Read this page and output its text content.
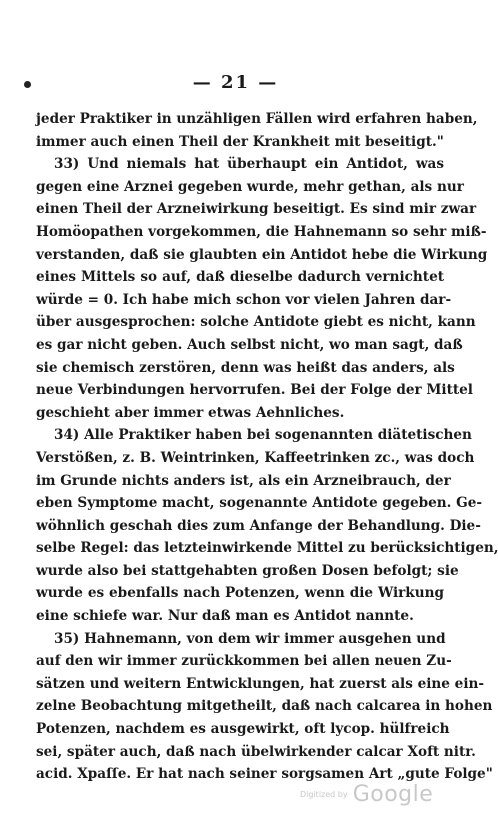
— 21 —
jeder Praktiker in unzähligen Fällen wird erfahren haben,
immer auch einen Theil der Krankheit mit beseitigt."
33) Und niemals hat überhaupt ein Antidot, was
gegen eine Arznei gegeben wurde, mehr gethan, als nur
einen Theil der Arzneiwirkung beseitigt. Es sind mir zwar
Homöopathen vorgekommen, die Hahnemann so sehr miß-
verstanden, daß sie glaubten ein Antidot hebe die Wirkung
eines Mittels so auf, daß dieselbe dadurch vernichtet
würde = 0. Ich habe mich schon vor vielen Jahren dar-
über ausgesprochen: solche Antidote giebt es nicht, kann
es gar nicht geben. Auch selbst nicht, wo man sagt, daß
sie chemisch zerstören, denn was heißt das anders, als
neue Verbindungen hervorrufen. Bei der Folge der Mittel
geschieht aber immer etwas Aehnliches.
34) Alle Praktiker haben bei sogenannten diätetischen
Verstößen, z. B. Weintrinken, Kaffeetrinken zc., was doch
im Grunde nichts anders ist, als ein Arzneibrauch, der
eben Symptome macht, sogenannte Antidote gegeben. Ge-
wöhnlich geschah dies zum Anfange der Behandlung. Die-
selbe Regel: das letzteinwirkende Mittel zu berücksichtigen,
wurde also bei stattgehabten großen Dosen befolgt; sie
wurde es ebenfalls nach Potenzen, wenn die Wirkung
eine schiefe war. Nur daß man es Antidot nannte.
35) Hahnemann, von dem wir immer ausgehen und
auf den wir immer zurückkommen bei allen neuen Zu-
sätzen und weitern Entwicklungen, hat zuerst als eine ein-
zelne Beobachtung mitgetheilt, daß nach calcarea in hohen
Potenzen, nachdem es ausgewirkt, oft lycop. hülfreich
sei, später auch, daß nach übelwirkender calcar Xoft nitr.
acid. Xpaſſe. Er hat nach seiner sorgsamen Art „gute Folge"
Digitized by Google
